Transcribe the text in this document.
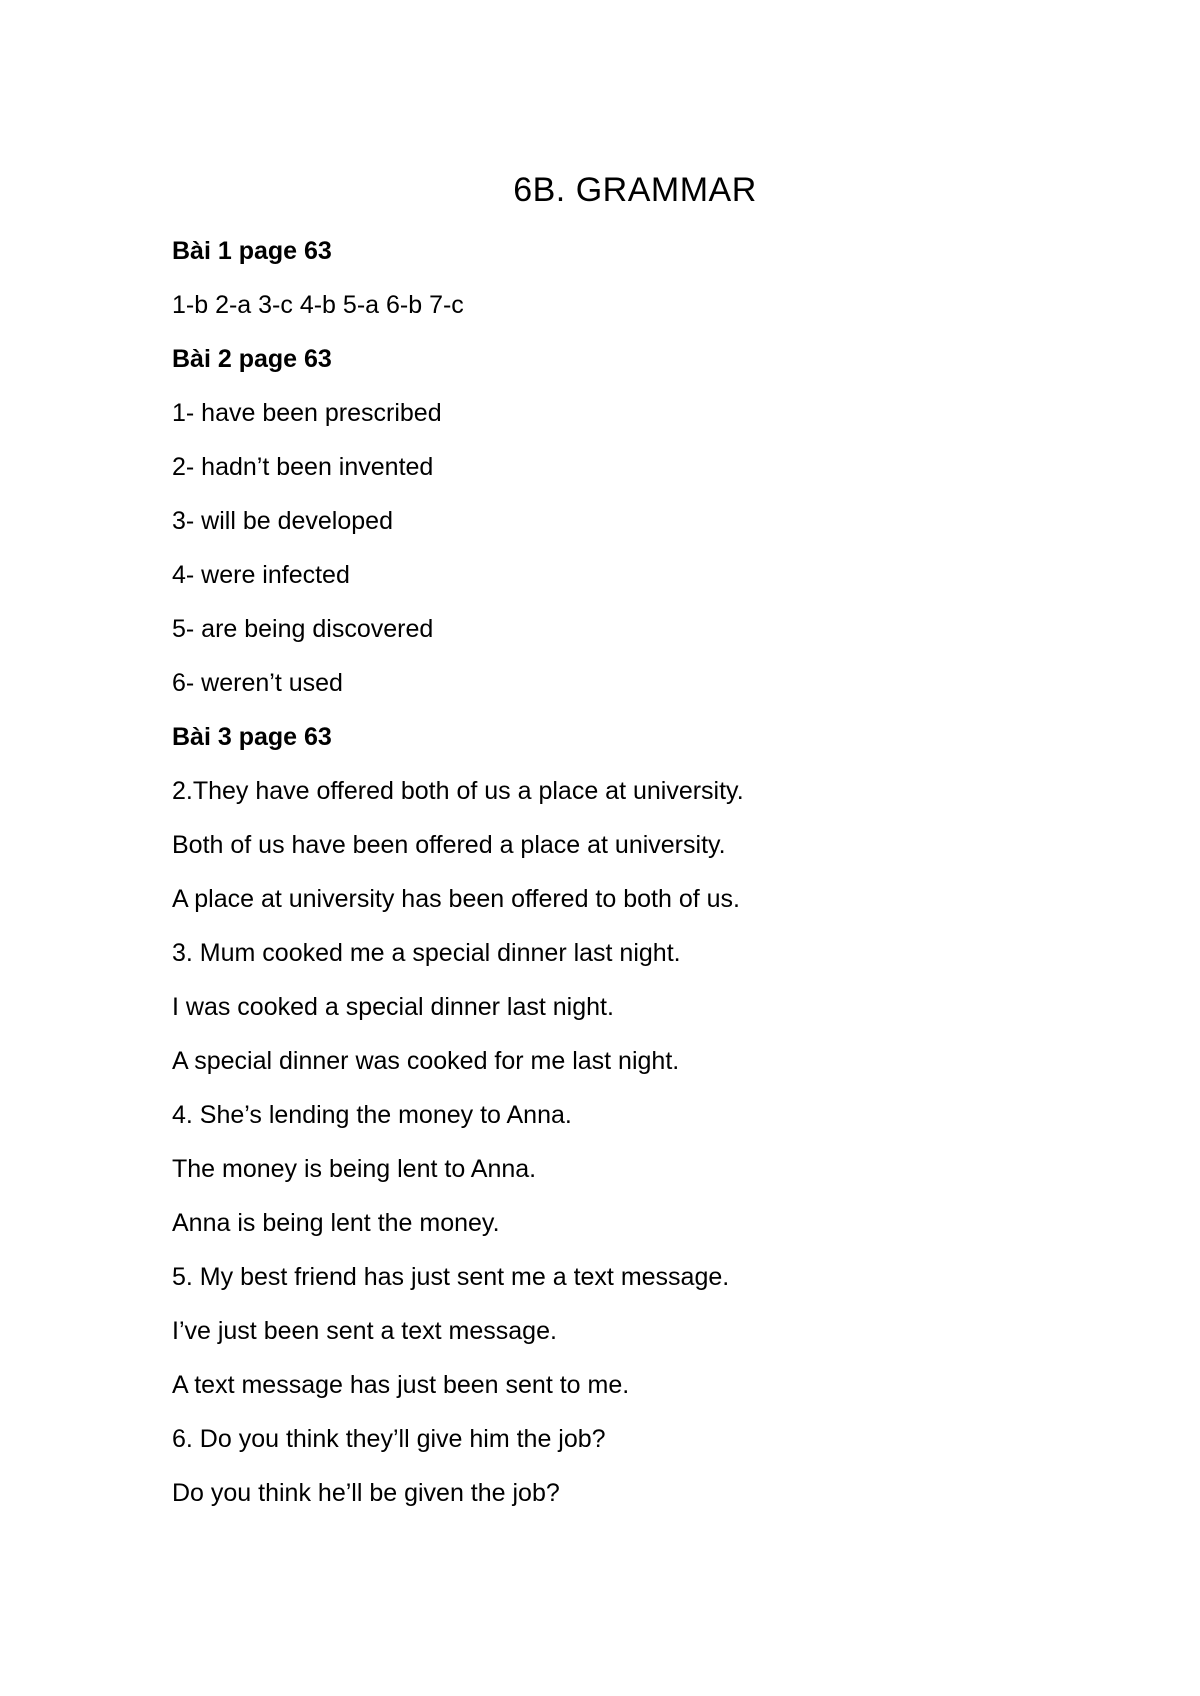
6B. GRAMMAR

Bài 1 page 63

1-b 2-a 3-c 4-b 5-a 6-b 7-c

Bài 2 page 63

1- have been prescribed

2- hadn’t been invented

3- will be developed

4- were infected

5- are being discovered

6- weren’t used

Bài 3 page 63

2.They have offered both of us a place at university.

Both of us have been offered a place at university.

A place at university has been offered to both of us.

3. Mum cooked me a special dinner last night.

I was cooked a special dinner last night.

A special dinner was cooked for me last night.

4. She’s lending the money to Anna.

The money is being lent to Anna.

Anna is being lent the money.

5. My best friend has just sent me a text message.

I’ve just been sent a text message.

A text message has just been sent to me.

6. Do you think they’ll give him the job?

Do you think he’ll be given the job?
